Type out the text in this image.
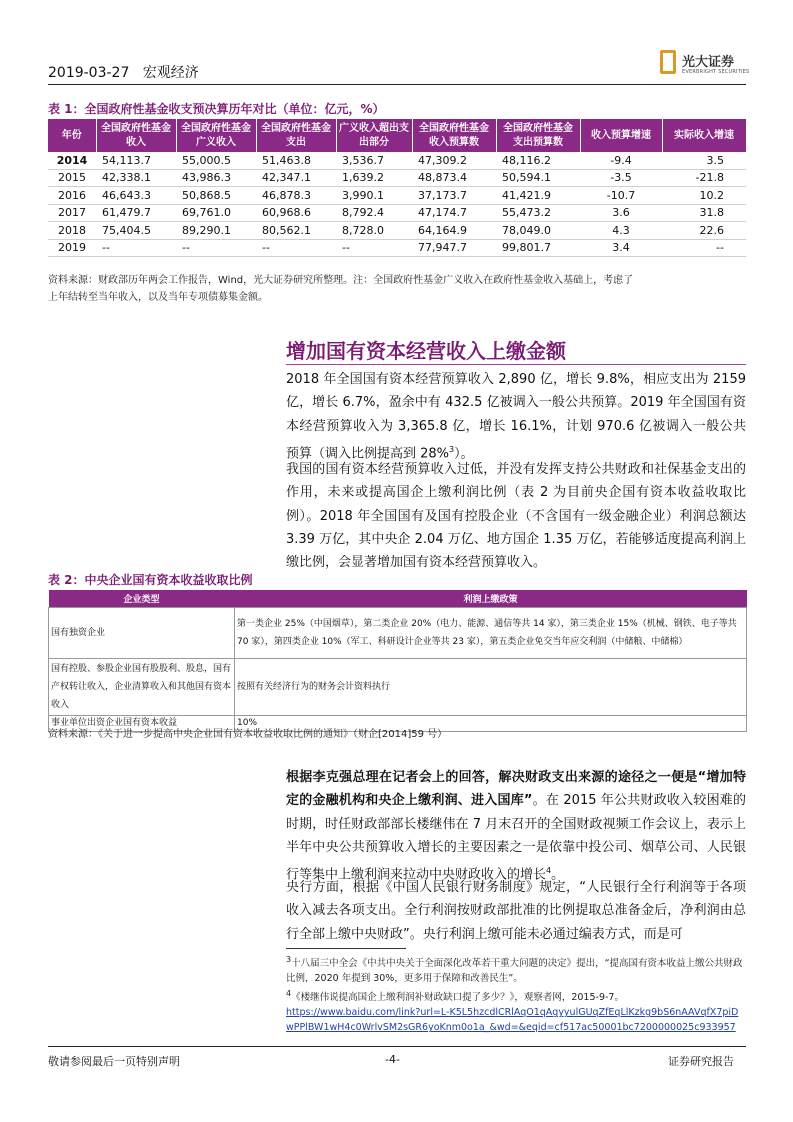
2019-03-27 宏观经济
光大证券
EVERBRIGHT SECURITIES
表 1：全国政府性基金收支预决算历年对比（单位：亿元，%）
年份	全国政府性基金收入	全国政府性基金广义收入	全国政府性基金支出	广义收入超出支出部分	全国政府性基金收入预算数	全国政府性基金支出预算数	收入预算增速	实际收入增速
2014	54,113.7	55,000.5	51,463.8	3,536.7	47,309.2	48,116.2	-9.4	3.5
2015	42,338.1	43,986.3	42,347.1	1,639.2	48,873.4	50,594.1	-3.5	-21.8
2016	46,643.3	50,868.5	46,878.3	3,990.1	37,173.7	41,421.9	-10.7	10.2
2017	61,479.7	69,761.0	60,968.6	8,792.4	47,174.7	55,473.2	3.6	31.8
2018	75,404.5	89,290.1	80,562.1	8,728.0	64,164.9	78,049.0	4.3	22.6
2019	--	--	--	--	77,947.7	99,801.7	3.4	--
资料来源：财政部历年两会工作报告，Wind，光大证券研究所整理。注：全国政府性基金广义收入在政府性基金收入基础上，考虑了
上年结转至当年收入，以及当年专项债募集金额。
增加国有资本经营收入上缴金额
2018 年全国国有资本经营预算收入 2,890 亿，增长 9.8%，相应支出为 2159 亿，增长 6.7%，盈余中有 432.5 亿被调入一般公共预算。2019 年全国国有资本经营预算收入为 3,365.8 亿，增长 16.1%，计划 970.6 亿被调入一般公共预算（调入比例提高到 28%$^3$）。
我国的国有资本经营预算收入过低，并没有发挥支持公共财政和社保基金支出的作用，未来或提高国企上缴利润比例（表 2 为目前央企国有资本收益收取比例）。2018 年全国国有及国有控股企业（不含国有一级金融企业）利润总额达 3.39 万亿，其中央企 2.04 万亿、地方国企 1.35 万亿，若能够适度提高利润上缴比例，会显著增加国有资本经营预算收入。
表 2：中央企业国有资本收益收取比例
企业类型	利润上缴政策
国有独资企业	第一类企业 25%（中国烟草），第二类企业 20%（电力、能源、通信等共 14 家），第三类企业 15%（机械、钢铁、电子等共 70 家），第四类企业 10%（军工、科研设计企业等共 23 家），第五类企业免交当年应交利润（中储粮、中储棉）
国有控股、参股企业国有股股利、股息，国有产权转让收入，企业清算收入和其他国有资本收入	按照有关经济行为的财务会计资料执行
事业单位出资企业国有资本收益	10%
资料来源：《关于进一步提高中央企业国有资本收益收取比例的通知》（财企[2014]59 号）
根据李克强总理在记者会上的回答，解决财政支出来源的途径之一便是“增加特定的金融机构和央企上缴利润、进入国库”。在 2015 年公共财政收入较困难的时期，时任财政部部长楼继伟在 7 月末召开的全国财政视频工作会议上，表示上半年中央公共预算收入增长的主要因素之一是依靠中投公司、烟草公司、人民银行等集中上缴利润来拉动中央财政收入的增长$^4$。
央行方面，根据《中国人民银行财务制度》规定，“人民银行全行利润等于各项收入减去各项支出。全行利润按财政部批准的比例提取总准备金后，净利润由总行全部上缴中央财政”。央行利润上缴可能未必通过编表方式，而是可
$^3$十八届三中全会《中共中央关于全面深化改革若干重大问题的决定》提出，“提高国有资本收益上缴公共财政比例，2020 年提到 30%，更多用于保障和改善民生”。
$^4$《楼继伟说提高国企上缴利润补财政缺口提了多少？》，观察者网，2015-9-7。
https://www.baidu.com/link?url=L-K5L5hzcdlCRlAqO1qAgyyulGUqZfEqLlKzkg9bS6nAAVqfX7piDwPPlBW1wH4c0WrlvSM2sGR6yoKnm0o1a_&wd=&eqid=cf517ac50001bc7200000025c933957
敬请参阅最后一页特别声明	-4-	证券研究报告
